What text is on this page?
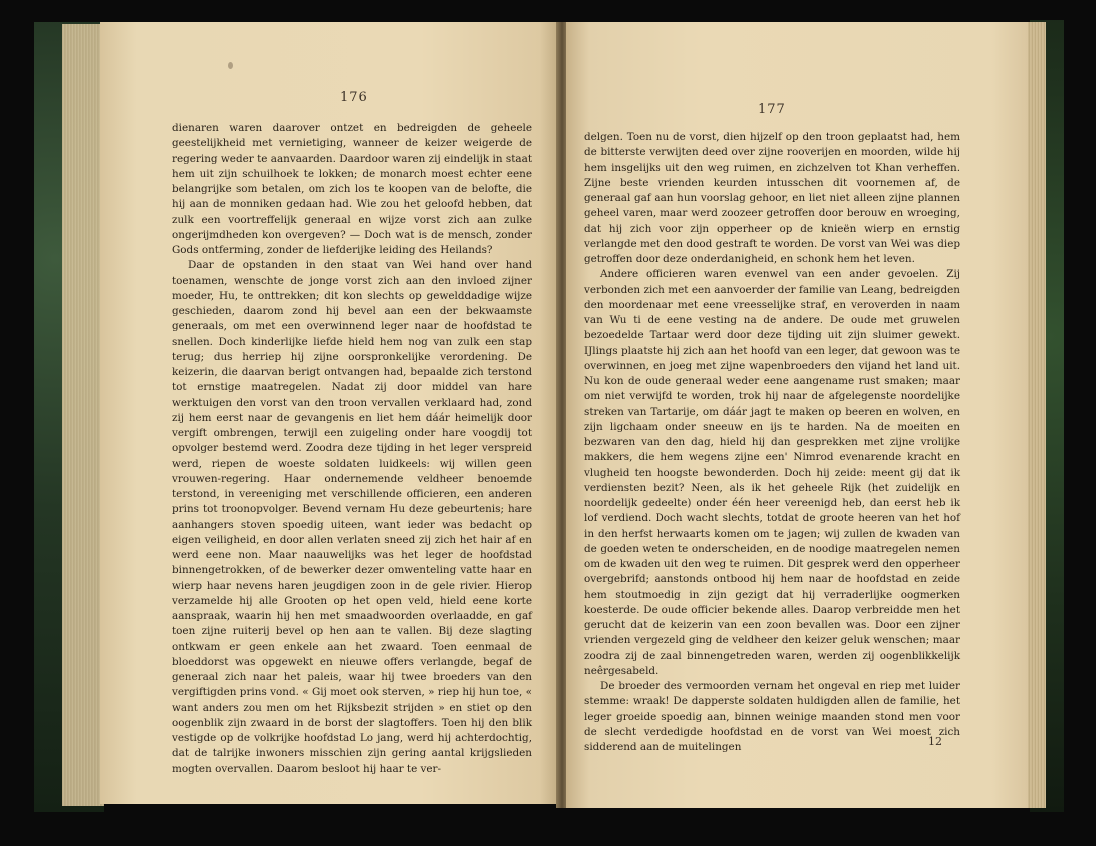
176

dienaren waren daarover ontzet en bedreigden de geheele geestelijkheid met vernietiging, wanneer de keizer weigerde de regering weder te aanvaarden. Daardoor waren zij eindelijk in staat hem uit zijn schuilhoek te lokken; de monarch moest echter eene belangrijke som betalen, om zich los te koopen van de belofte, die hij aan de monniken gedaan had. Wie zou het geloofd hebben, dat zulk een voortreffelijk generaal en wijze vorst zich aan zulke ongerijmdheden kon overgeven? — Doch wat is de mensch, zonder Gods ontferming, zonder de liefderijke leiding des Heilands?

Daar de opstanden in den staat van Wei hand over hand toenamen, wenschte de jonge vorst zich aan den invloed zijner moeder, Hu, te onttrekken; dit kon slechts op gewelddadige wijze geschieden, daarom zond hij bevel aan een der bekwaamste generaals, om met een overwinnend leger naar de hoofdstad te snellen. Doch kinderlijke liefde hield hem nog van zulk een stap terug; dus herriep hij zijne oorspronkelijke verordening. De keizerin, die daarvan berigt ontvangen had, bepaalde zich terstond tot ernstige maatregelen. Nadat zij door middel van hare werktuigen den vorst van den troon vervallen verklaard had, zond zij hem eerst naar de gevangenis en liet hem dáár heimelijk door vergift ombrengen, terwijl een zuigeling onder hare voogdij tot opvolger bestemd werd. Zoodra deze tijding in het leger verspreid werd, riepen de woeste soldaten luidkeels: wij willen geen vrouwen-regering. Haar ondernemende veldheer benoemde terstond, in vereeniging met verschillende officieren, een anderen prins tot troonopvolger. Bevend vernam Hu deze gebeurtenis; hare aanhangers stoven spoedig uiteen, want ieder was bedacht op eigen veiligheid, en door allen verlaten sneed zij zich het hair af en werd eene non. Maar naauwelijks was het leger de hoofdstad binnengetrokken, of de bewerker dezer omwenteling vatte haar en wierp haar nevens haren jeugdigen zoon in de gele rivier. Hierop verzamelde hij alle Grooten op het open veld, hield eene korte aanspraak, waarin hij hen met smaadwoorden overlaadde, en gaf toen zijne ruiterij bevel op hen aan te vallen. Bij deze slagting ontkwam er geen enkele aan het zwaard. Toen eenmaal de bloeddorst was opgewekt en nieuwe offers verlangde, begaf de generaal zich naar het paleis, waar hij twee broeders van den vergiftigden prins vond. « Gij moet ook sterven, » riep hij hun toe, « want anders zou men om het Rijksbezit strijden » en stiet op den oogenblik zijn zwaard in de borst der slagtoffers. Toen hij den blik vestigde op de volkrijke hoofdstad Lo jang, werd hij achterdochtig, dat de talrijke inwoners misschien zijn gering aantal krijgslieden mogten overvallen. Daarom besloot hij haar te ver-

177

delgen. Toen nu de vorst, dien hijzelf op den troon geplaatst had, hem de bitterste verwijten deed over zijne rooverijen en moorden, wilde hij hem insgelijks uit den weg ruimen, en zichzelven tot Khan verheffen. Zijne beste vrienden keurden intusschen dit voornemen af, de generaal gaf aan hun voorslag gehoor, en liet niet alleen zijne plannen geheel varen, maar werd zoozeer getroffen door berouw en wroeging, dat hij zich voor zijn opperheer op de knieën wierp en ernstig verlangde met den dood gestraft te worden. De vorst van Wei was diep getroffen door deze onderdanigheid, en schonk hem het leven.

Andere officieren waren evenwel van een ander gevoelen. Zij verbonden zich met een aanvoerder der familie van Leang, bedreigden den moordenaar met eene vreesselijke straf, en veroverden in naam van Wu ti de eene vesting na de andere. De oude met gruwelen bezoedelde Tartaar werd door deze tijding uit zijn sluimer gewekt. IJlings plaatste hij zich aan het hoofd van een leger, dat gewoon was te overwinnen, en joeg met zijne wapenbroeders den vijand het land uit. Nu kon de oude generaal weder eene aangename rust smaken; maar om niet verwijfd te worden, trok hij naar de afgelegenste noordelijke streken van Tartarije, om dáár jagt te maken op beeren en wolven, en zijn ligchaam onder sneeuw en ijs te harden. Na de moeiten en bezwaren van den dag, hield hij dan gesprekken met zijne vrolijke makkers, die hem wegens zijne een' Nimrod evenarende kracht en vlugheid ten hoogste bewonderden. Doch hij zeide: meent gij dat ik verdiensten bezit? Neen, als ik het geheele Rijk (het zuidelijk en noordelijk gedeelte) onder één heer vereenigd heb, dan eerst heb ik lof verdiend. Doch wacht slechts, totdat de groote heeren van het hof in den herfst herwaarts komen om te jagen; wij zullen de kwaden van de goeden weten te onderscheiden, en de noodige maatregelen nemen om de kwaden uit den weg te ruimen. Dit gesprek werd den opperheer overgebrifd; aanstonds ontbood hij hem naar de hoofdstad en zeide hem stoutmoedig in zijn gezigt dat hij verraderlijke oogmerken koesterde. De oude officier bekende alles. Daarop verbreidde men het gerucht dat de keizerin van een zoon bevallen was. Door een zijner vrienden vergezeld ging de veldheer den keizer geluk wenschen; maar zoodra zij de zaal binnengetreden waren, werden zij oogenblikkelijk neêrgesabeld.

De broeder des vermoorden vernam het ongeval en riep met luider stemme: wraak! De dapperste soldaten huldigden allen de familie, het leger groeide spoedig aan, binnen weinige maanden stond men voor de slecht verdedigde hoofdstad en de vorst van Wei moest zich sidderend aan de muitelingen	12
